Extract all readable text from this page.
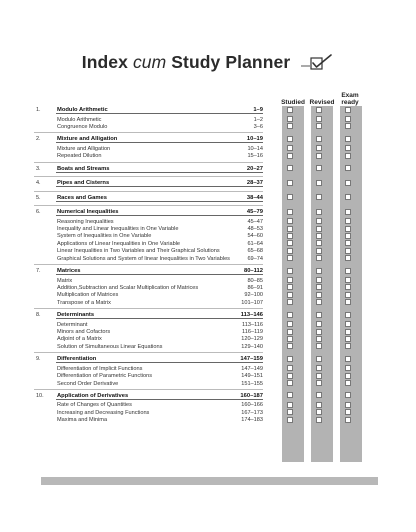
Index cum Study Planner
Studied Revised
Exam
ready
1.	Modulo Arithmetic	1–9
Modulo Arithmetic	1–2
Congruence Modulo	3–6
2.	Mixture and Alligation	10–19
Mixture and Alligation	10–14
Repeated Dilution	15–16
3.	Boats and Streams	20–27
4.	Pipes and Cisterns	28–37
5.	Races and Games	38–44
6.	Numerical Inequalities	45–79
Reasoning Inequalities	45–47
Inequality and Linear Inequalities in One Variable	48–53
System of Inequalities in One Variable	54–60
Applications of Linear Inequalities in One Variable	61–64
Linear Inequalities in Two Variables and Their Graphical Solutions	65–68
Graphical Solutions and System of linear Inequalities in Two Variables	69–74
7.	Matrices	80–112
Matrix	80–85
Addition,Subtraction and Scalar Multiplication of Matrices	86–91
Multiplication of Matrices	92–100
Transpose of a Matrix	101–107
8.	Determinants	113–146
Determinant	113–116
Minors and Cofactors	116–119
Adjoint of a Matrix	120–129
Solution of Simultaneous Linear Equations	129–140
9.	Differentiation	147–159
Differentiation of Implicit Functions	147–149
Differentiation of Parametric Functions	149–151
Second Order Derivative	151–155
10. Application of Derivatives	160–187
Rate of Changes of Quantities	160–166
Increasing and Decreasing Functions	167–173
Maxima and Minima	174–183
